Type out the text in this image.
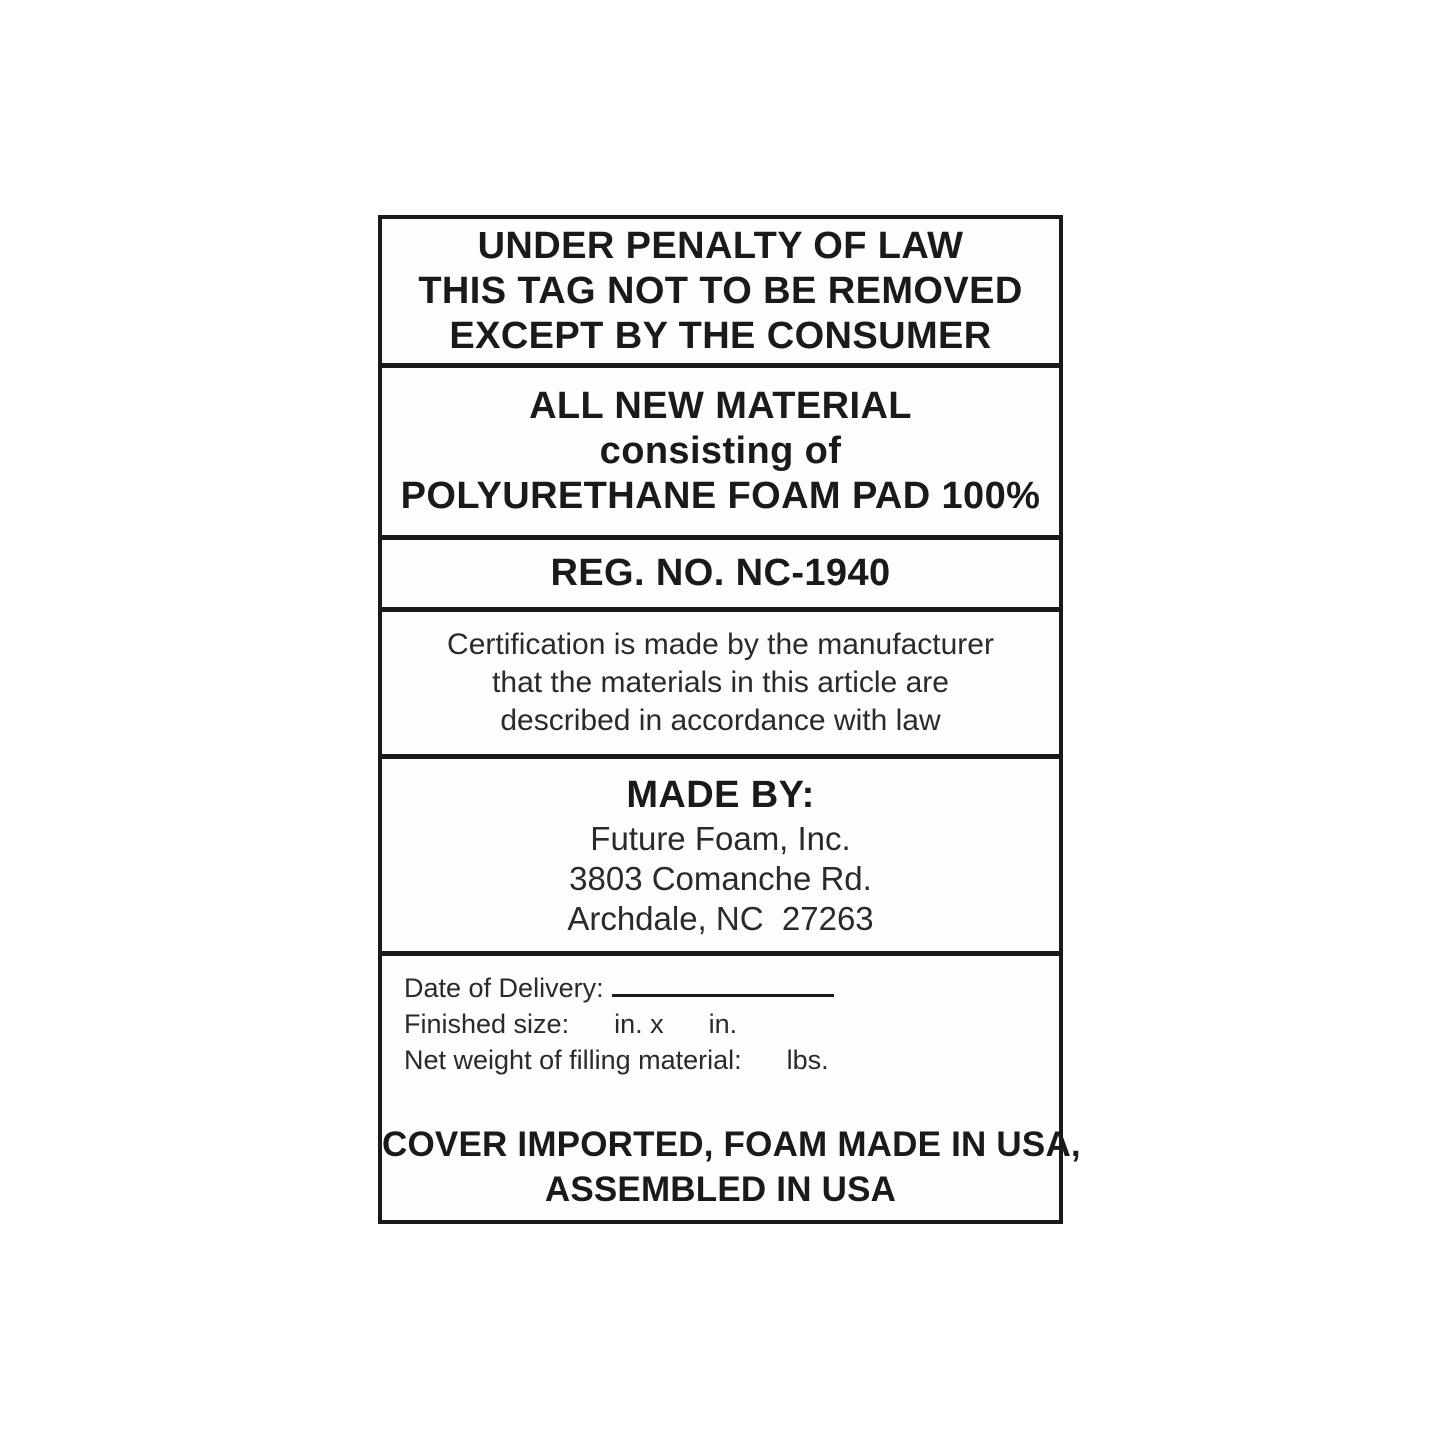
UNDER PENALTY OF LAW
THIS TAG NOT TO BE REMOVED
EXCEPT BY THE CONSUMER
ALL NEW MATERIAL
consisting of
POLYURETHANE FOAM PAD 100%
REG. NO. NC-1940
Certification is made by the manufacturer
that the materials in this article are
described in accordance with law
MADE BY:
Future Foam, Inc.
3803 Comanche Rd.
Archdale, NC  27263
Date of Delivery:
Finished size:      in. x      in.
Net weight of filling material:      lbs.
COVER IMPORTED, FOAM MADE IN USA,
ASSEMBLED IN USA
